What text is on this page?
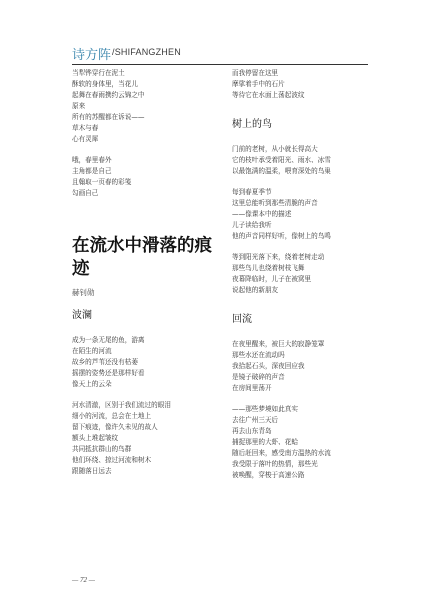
诗方阵 /SHIFANGZHEN
当犁铧穿行在泥土
酥软的身体里，当花儿
起舞在春雨携约云锦之中
原来
所有的苏醒都在诉说——
草木与春
心有灵犀
哦，春里春外
主角都是自己
且翰取一页春的彩笺
勾画自己
在流水中滑落的痕
迹
赫钊勋
波澜
成为一条无尾的鱼，游离
在陌生的河流
故乡的芦苇还没有枯萎
摇摆的姿势还是那样好看
像天上的云朵
河水清澈，区别于我们流过的眼泪
细小的河流，总会在土地上
留下痕迹，像许久未见的故人
额头上堆起皱纹
共同抵抗群山的鸟群
他们环绕、掠过河流和树木
跟随落日远去
而我停留在这里
摩挲着手中的石片
等待它在水面上荡起波纹
树上的鸟
门前的老树，从小就长得高大
它的枝叶承受着阳光、雨水、冰雪
以最饱满的温柔，喂育深处的鸟巢
每到春夏季节
这里总能听到那些清脆的声音
——像课本中的描述
儿子读给我听
他的声音同样好听，像树上的鸟鸣
等到阳光落下来，绕着老树走动
那些鸟儿也绕着树枝飞舞
夜幕降临时，儿子在被窝里
说起他的新朋友
回流
在夜里醒来，被巨大的寂静笼罩
那些水还在流动吗
我拾起石头，深夜回应我
是镜子破碎的声音
在房间里荡开
——那些梦境如此真实
去往广州三天后
再去山东青岛
捕捉那里的大虾、花蛤
随后赶回来，感受南方温热的水流
我受限于落叶的热情，那些光
被唤醒，穿梭于高速公路
— 72 —
